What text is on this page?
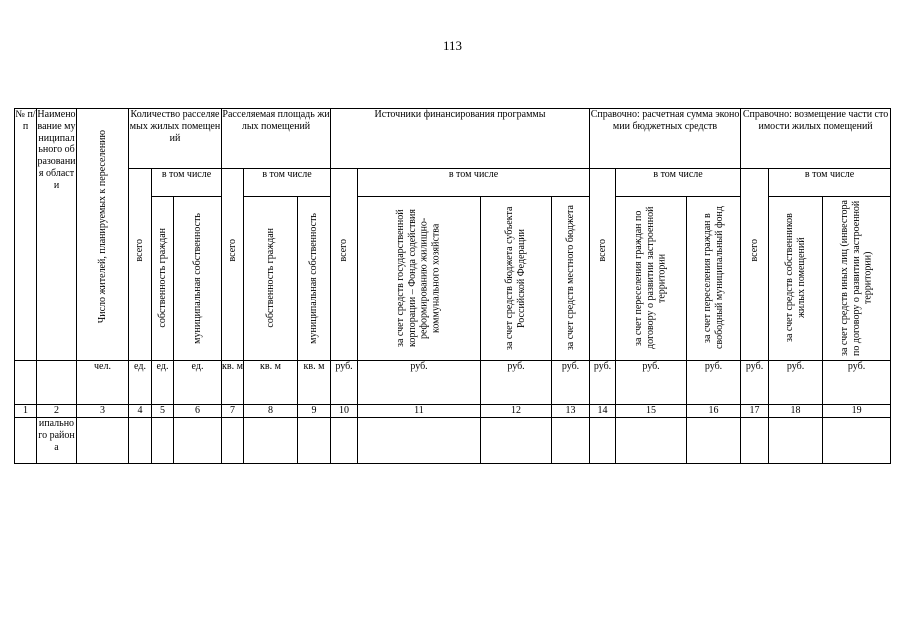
113
№ п/п	Наименование муниципального образования области	Число жителей, планируемых к переселению	Количество расселяемых жилых помещений			Расселяемая площадь жилых помещений			Источники финансирования программы				Справочно: расчетная сумма экономии бюджетных средств			Справочно: возмещение части стоимости жилых помещений		

			всего	в том числе		всего	в том числе		всего	в том числе			всего	в том числе		всего	в том числе	

				собственность граждан	муниципальная собственность		собственность граждан	муниципальная собственность		за счет средств государственной корпорации – Фонда содействия реформированию жилищно-коммунального хозяйства	за счет средств бюджета субъекта Российской Федерации	за счет средств местного бюджета		за счет переселения граждан по договору о развитии застроенной территории	за счет переселения граждан в свободный муниципальный фонд		за счет средств собственников жилых помещений	за счет средств иных лиц (инвестора по договору о развитии застроенной территории)

		чел.	ед.	ед.	ед.	кв. м	кв. м	кв. м	руб.	руб.	руб.	руб.	руб.	руб.	руб.	руб.	руб.	руб.
1	2	3	4	5	6	7	8	9	10	11	12	13	14	15	16	17	18	19
	ипального района																	
